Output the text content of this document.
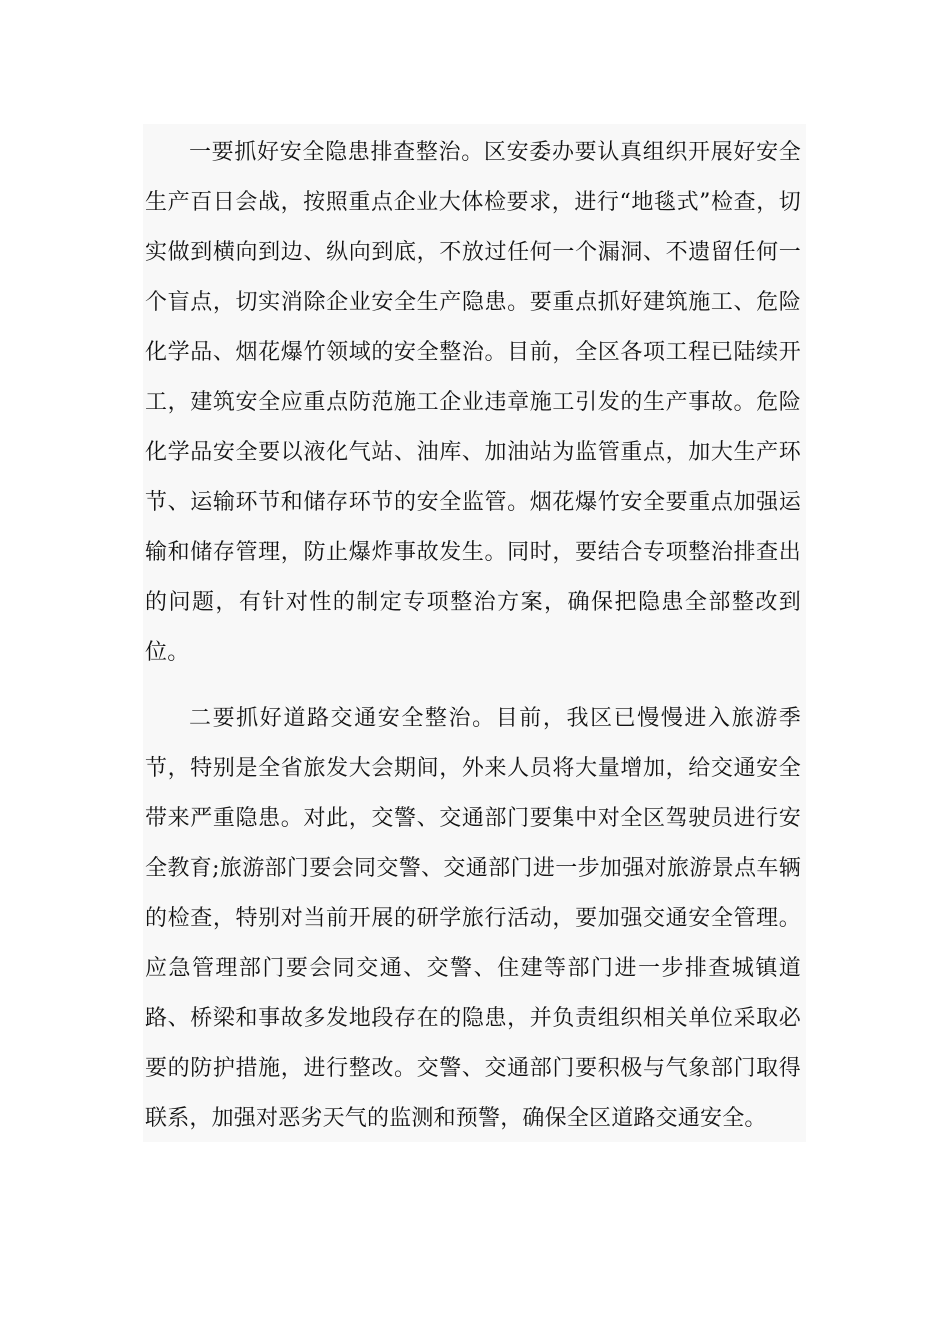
一要抓好安全隐患排查整治。区安委办要认真组织开展好安全生产百日会战，按照重点企业大体检要求，进行“地毯式”检查，切实做到横向到边、纵向到底，不放过任何一个漏洞、不遗留任何一个盲点，切实消除企业安全生产隐患。要重点抓好建筑施工、危险化学品、烟花爆竹领域的安全整治。目前，全区各项工程已陆续开工，建筑安全应重点防范施工企业违章施工引发的生产事故。危险化学品安全要以液化气站、油库、加油站为监管重点，加大生产环节、运输环节和储存环节的安全监管。烟花爆竹安全要重点加强运输和储存管理，防止爆炸事故发生。同时，要结合专项整治排查出的问题，有针对性的制定专项整治方案，确保把隐患全部整改到位。

二要抓好道路交通安全整治。目前，我区已慢慢进入旅游季节，特别是全省旅发大会期间，外来人员将大量增加，给交通安全带来严重隐患。对此，交警、交通部门要集中对全区驾驶员进行安全教育;旅游部门要会同交警、交通部门进一步加强对旅游景点车辆的检查，特别对当前开展的研学旅行活动，要加强交通安全管理。应急管理部门要会同交通、交警、住建等部门进一步排查城镇道路、桥梁和事故多发地段存在的隐患，并负责组织相关单位采取必要的防护措施，进行整改。交警、交通部门要积极与气象部门取得联系，加强对恶劣天气的监测和预警，确保全区道路交通安全。
